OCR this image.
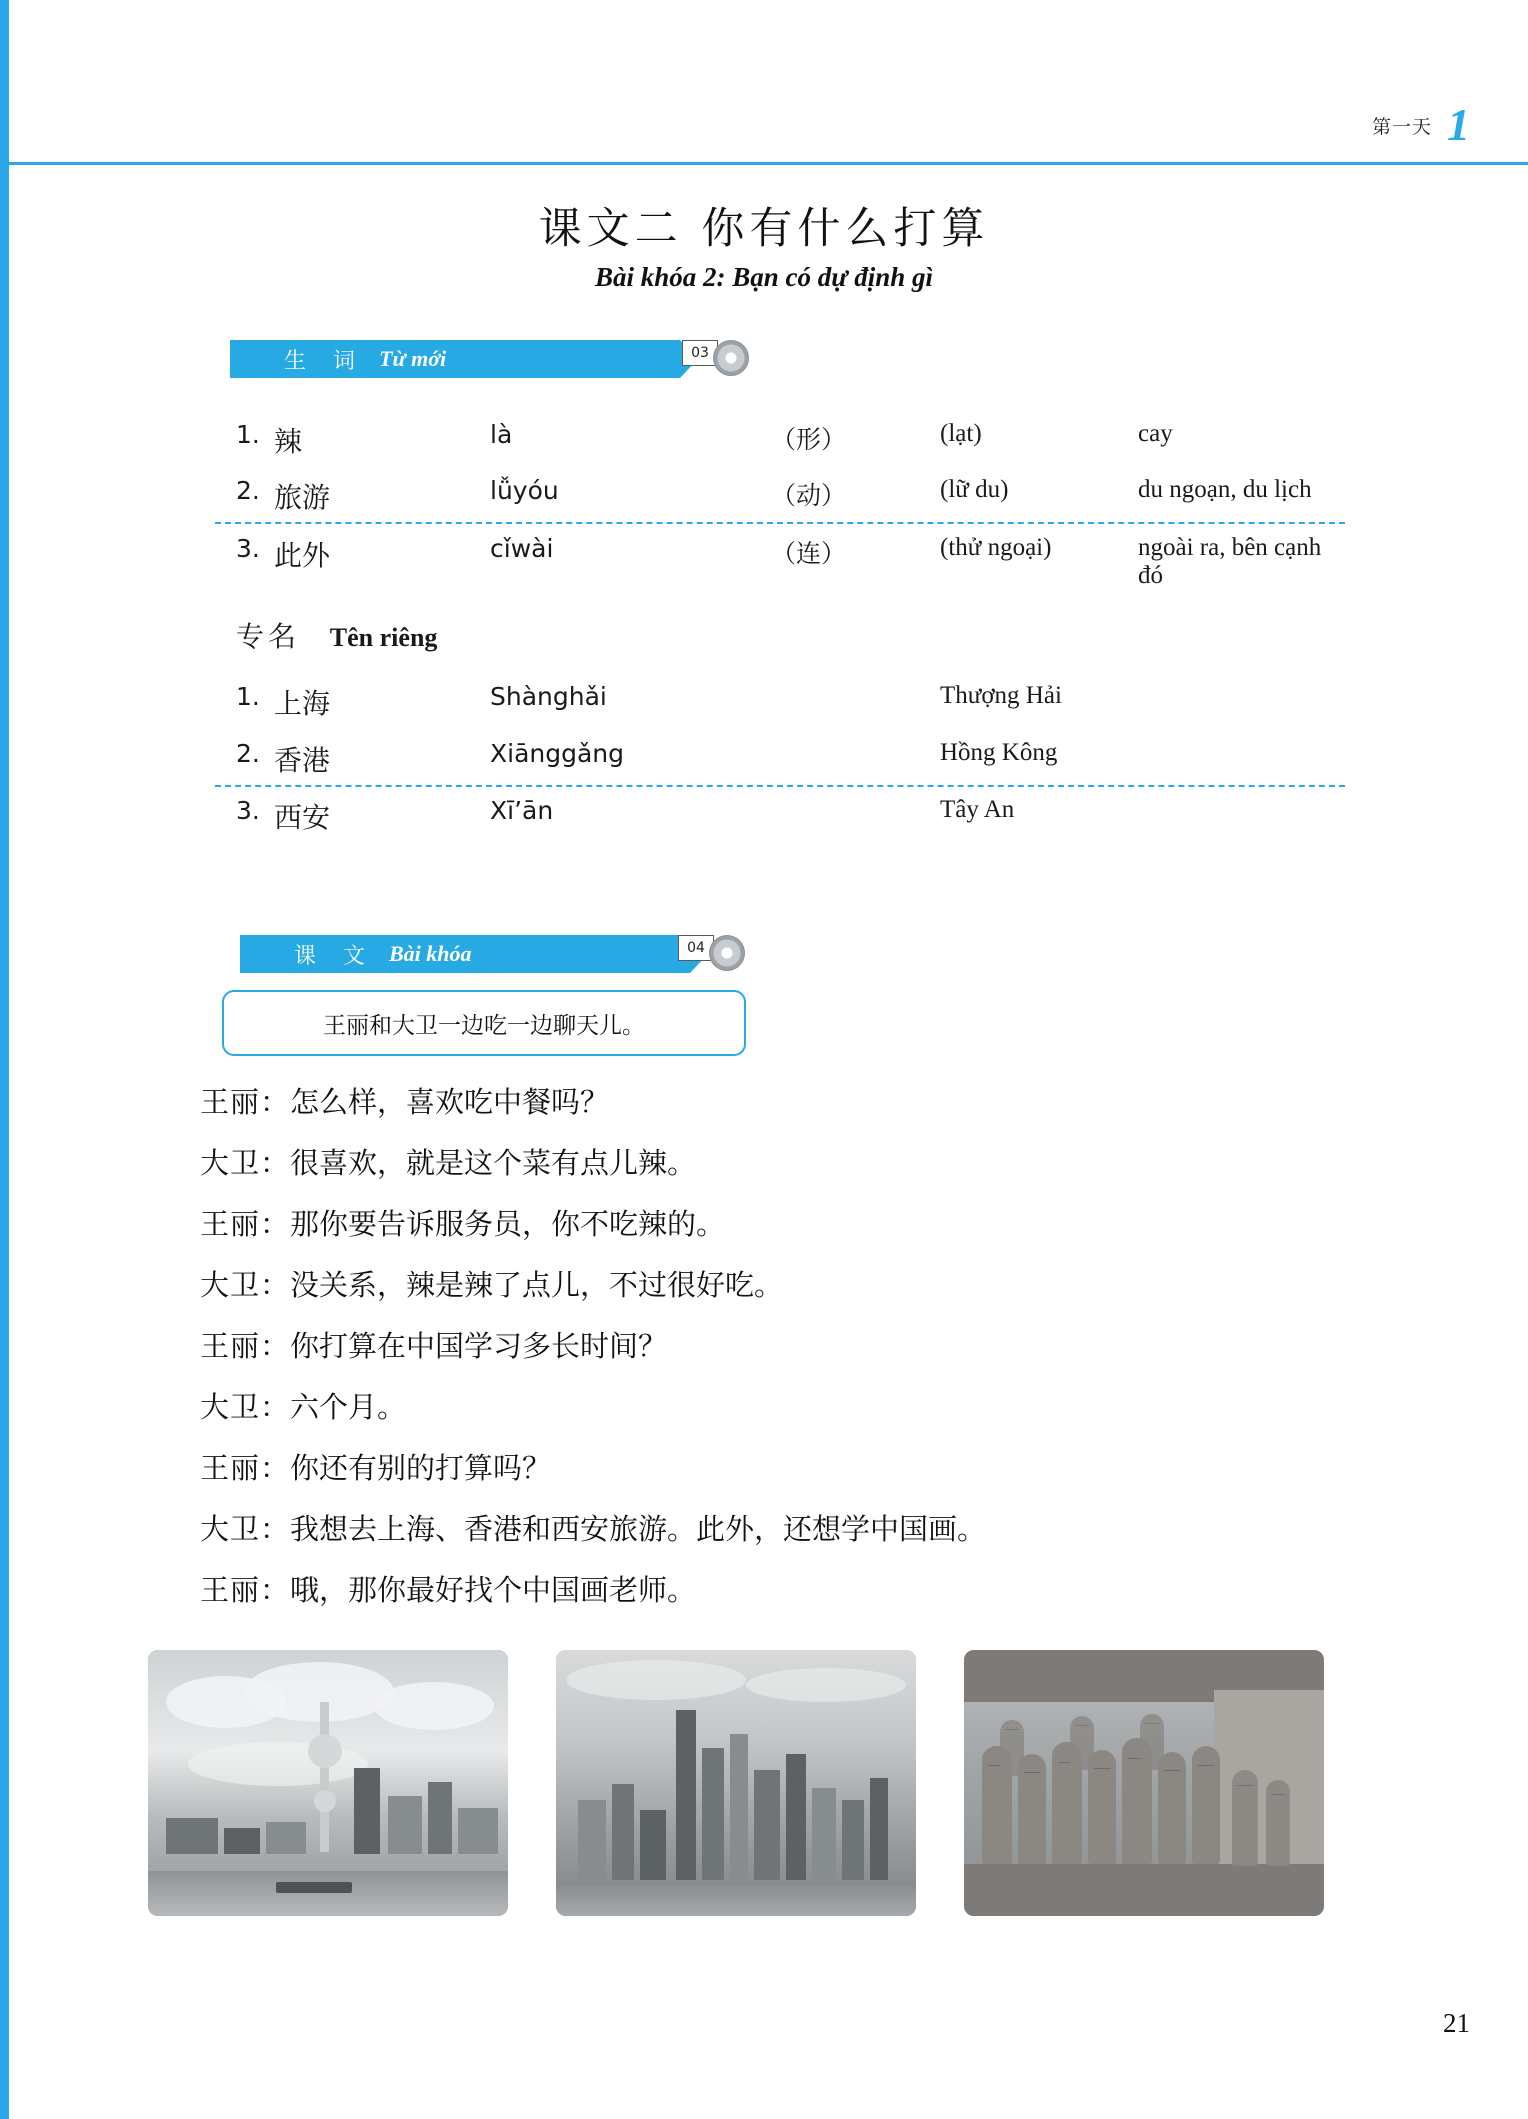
第一天 1
课文二 你有什么打算
Bài khóa 2: Bạn có dự định gì
生 词 Từ mới	03
1. 辣	là	（形）	(lạt)	cay
2. 旅游	lǚyóu	（动）	(lữ du)	du ngoạn, du lịch
3. 此外	cǐwài	（连）	(thử ngoại)	ngoài ra, bên cạnh đó
专名 Tên riêng
1. 上海	Shànghǎi	Thượng Hải
2. 香港	Xiānggǎng	Hồng Kông
3. 西安	Xī’ān	Tây An
课 文 Bài khóa	04
王丽和大卫一边吃一边聊天儿。
王丽：怎么样，喜欢吃中餐吗？
大卫：很喜欢，就是这个菜有点儿辣。
王丽：那你要告诉服务员，你不吃辣的。
大卫：没关系，辣是辣了点儿，不过很好吃。
王丽：你打算在中国学习多长时间？
大卫：六个月。
王丽：你还有别的打算吗？
大卫：我想去上海、香港和西安旅游。此外，还想学中国画。
王丽：哦，那你最好找个中国画老师。
21
